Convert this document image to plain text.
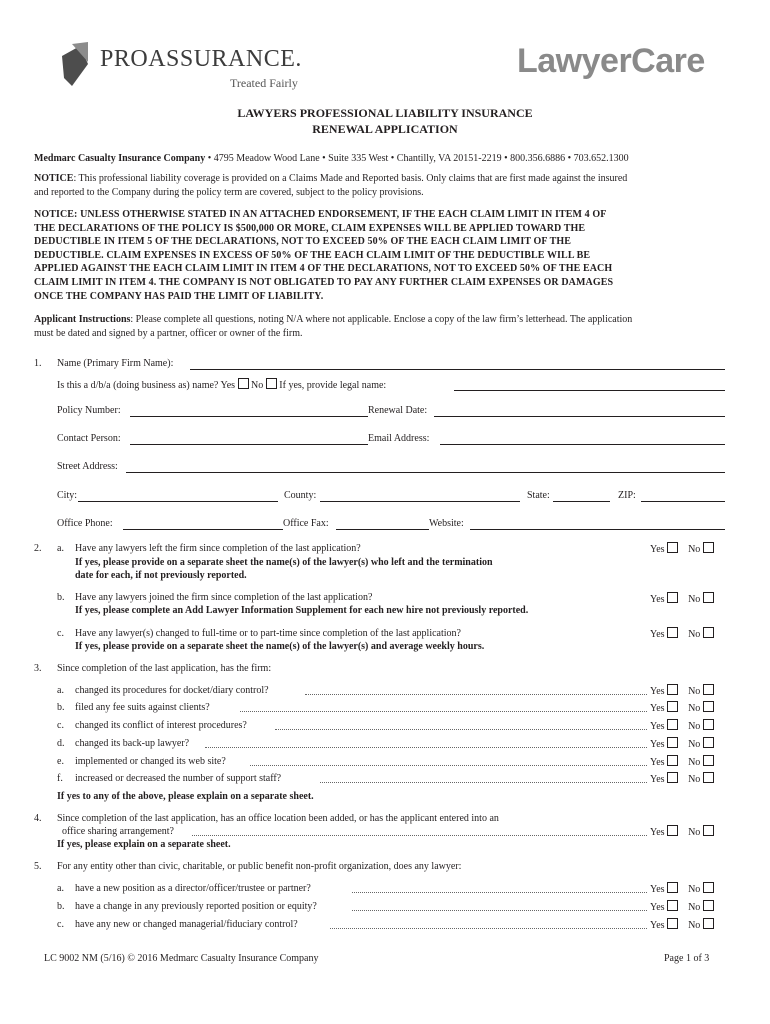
PROASSURANCE.
Treated Fairly
LawyerCare
LAWYERS PROFESSIONAL LIABILITY INSURANCE
RENEWAL APPLICATION
Medmarc Casualty Insurance Company • 4795 Meadow Wood Lane • Suite 335 West • Chantilly, VA 20151-2219 • 800.356.6886 • 703.652.1300
NOTICE: This professional liability coverage is provided on a Claims Made and Reported basis. Only claims that are first made against the insured
and reported to the Company during the policy term are covered, subject to the policy provisions.
NOTICE: UNLESS OTHERWISE STATED IN AN ATTACHED ENDORSEMENT, IF THE EACH CLAIM LIMIT IN ITEM 4 OF
THE DECLARATIONS OF THE POLICY IS $500,000 OR MORE, CLAIM EXPENSES WILL BE APPLIED TOWARD THE
DEDUCTIBLE IN ITEM 5 OF THE DECLARATIONS, NOT TO EXCEED 50% OF THE EACH CLAIM LIMIT OF THE
DEDUCTIBLE. CLAIM EXPENSES IN EXCESS OF 50% OF THE EACH CLAIM LIMIT OF THE DEDUCTIBLE WILL BE
APPLIED AGAINST THE EACH CLAIM LIMIT IN ITEM 4 OF THE DECLARATIONS, NOT TO EXCEED 50% OF THE EACH
CLAIM LIMIT IN ITEM 4. THE COMPANY IS NOT OBLIGATED TO PAY ANY FURTHER CLAIM EXPENSES OR DAMAGES
ONCE THE COMPANY HAS PAID THE LIMIT OF LIABILITY.
Applicant Instructions: Please complete all questions, noting N/A where not applicable. Enclose a copy of the law firm’s letterhead. The application
must be dated and signed by a partner, officer or owner of the firm.
1. Name (Primary Firm Name):
Is this a d/b/a (doing business as) name? Yes No If yes, provide legal name:
Policy Number:	Renewal Date:
Contact Person:	Email Address:
Street Address:
City:	County:	State:	ZIP:
Office Phone:	Office Fax:	Website:
2. a. Have any lawyers left the firm since completion of the last application?
If yes, please provide on a separate sheet the name(s) of the lawyer(s) who left and the termination
date for each, if not previously reported.
Yes No
b. Have any lawyers joined the firm since completion of the last application?
If yes, please complete an Add Lawyer Information Supplement for each new hire not previously reported.
Yes No
c. Have any lawyer(s) changed to full-time or to part-time since completion of the last application?
If yes, please provide on a separate sheet the name(s) of the lawyer(s) and average weekly hours.
Yes No
3. Since completion of the last application, has the firm:
a. changed its procedures for docket/diary control?	Yes No
b. filed any fee suits against clients?	Yes No
c. changed its conflict of interest procedures?	Yes No
d. changed its back-up lawyer?	Yes No
e. implemented or changed its web site?	Yes No
f. increased or decreased the number of support staff?	Yes No
If yes to any of the above, please explain on a separate sheet.
4. Since completion of the last application, has an office location been added, or has the applicant entered into an
office sharing arrangement?	Yes No
If yes, please explain on a separate sheet.
5. For any entity other than civic, charitable, or public benefit non-profit organization, does any lawyer:
a. have a new position as a director/officer/trustee or partner?	Yes No
b. have a change in any previously reported position or equity?	Yes No
c. have any new or changed managerial/fiduciary control?	Yes No
LC 9002 NM (5/16) © 2016 Medmarc Casualty Insurance Company	Page 1 of 3
